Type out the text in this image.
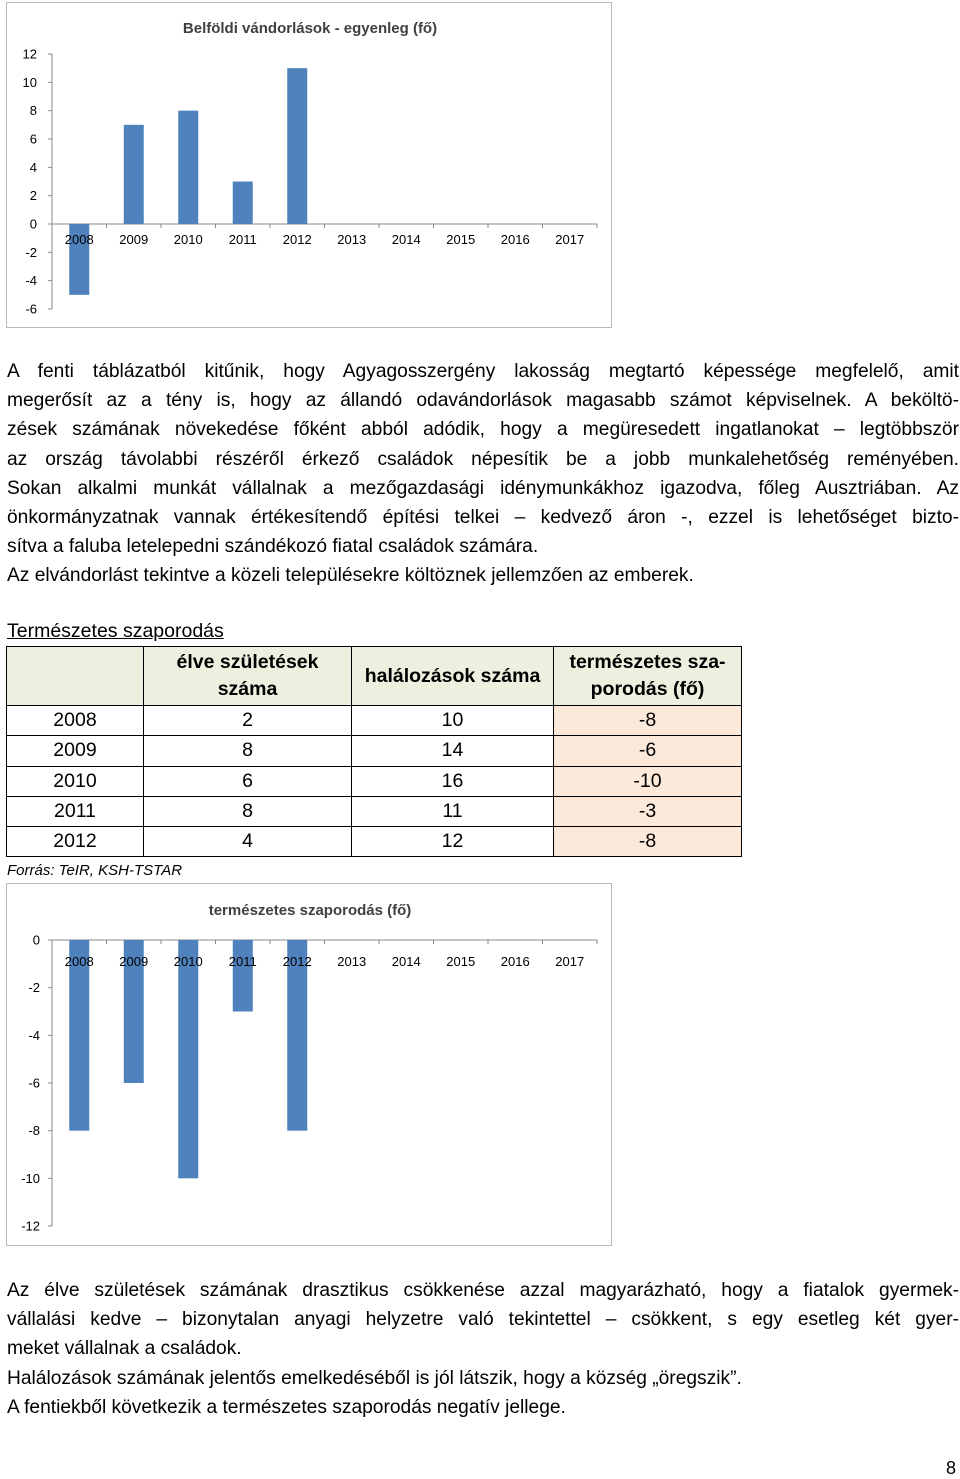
Belföldi vándorlások - egyenleg (fő)
12
10
8
6
4
2
0
-2
-4
-6
2008 2009 2010 2011 2012 2013 2014 2015 2016 2017
A fenti táblázatból kitűnik, hogy Agyagosszergény lakosság megtartó képessége megfelelő, amit
megerősít az a tény is, hogy az állandó odavándorlások magasabb számot képviselnek. A beköltö-
zések számának növekedése főként abból adódik, hogy a megüresedett ingatlanokat – legtöbbször
az ország távolabbi részéről érkező családok népesítik be a jobb munkalehetőség reményében.
Sokan alkalmi munkát vállalnak a mezőgazdasági idénymunkákhoz igazodva, főleg Ausztriában. Az
önkormányzatnak vannak értékesítendő építési telkei – kedvező áron -, ezzel is lehetőséget bizto-
sítva a faluba letelepedni szándékozó fiatal családok számára.
Az elvándorlást tekintve a közeli településekre költöznek jellemzően az emberek.
Természetes szaporodás
	élve születések száma	halálozások száma	természetes sza-porodás (fő)
2008	2	10	-8
2009	8	14	-6
2010	6	16	-10
2011	8	11	-3
2012	4	12	-8

Forrás: TeIR, KSH-TSTAR

természetes szaporodás (fő)
0
-2
-4
-6
-8
-10
-12
2008 2009 2010 2011 2012 2013 2014 2015 2016 2017
Az élve születések számának drasztikus csökkenése azzal magyarázható, hogy a fiatalok gyermek-
vállalási kedve – bizonytalan anyagi helyzetre való tekintettel – csökkent, s egy esetleg két gyer-
meket vállalnak a családok.
Halálozások számának jelentős emelkedéséből is jól látszik, hogy a község „öregszik”.
A fentiekből következik a természetes szaporodás negatív jellege.

8
